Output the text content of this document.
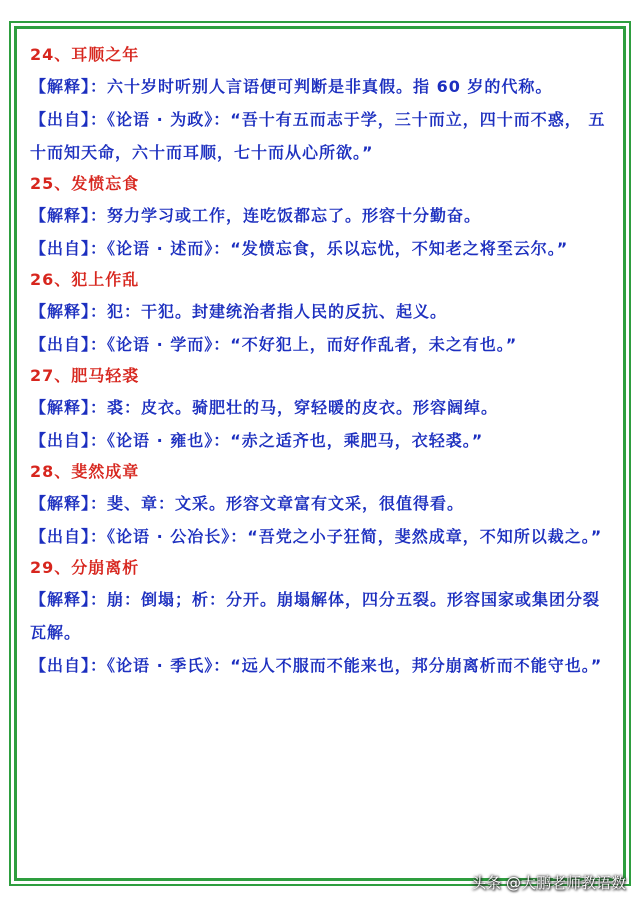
24、耳顺之年
【解释】：六十岁时听别人言语便可判断是非真假。指 60 岁的代称。
【出自】：《论语 · 为政》：“吾十有五而志于学，三十而立，四十而不惑， 五十而知天命，六十而耳顺，七十而从心所欲。”
25、发愤忘食
【解释】：努力学习或工作，连吃饭都忘了。形容十分勤奋。
【出自】：《论语 · 述而》：“发愤忘食，乐以忘忧，不知老之将至云尔。”
26、犯上作乱
【解释】：犯：干犯。封建统治者指人民的反抗、起义。
【出自】：《论语 · 学而》：“不好犯上，而好作乱者，未之有也。”
27、肥马轻裘
【解释】：裘：皮衣。骑肥壮的马，穿轻暖的皮衣。形容阔绰。
【出自】：《论语 · 雍也》：“赤之适齐也，乘肥马，衣轻裘。”
28、斐然成章
【解释】：斐、章：文采。形容文章富有文采，很值得看。
【出自】：《论语 · 公冶长》：“吾党之小子狂简，斐然成章，不知所以裁之。”
29、分崩离析
【解释】：崩：倒塌；析：分开。崩塌解体，四分五裂。形容国家或集团分裂瓦解。
【出自】：《论语 · 季氏》：“远人不服而不能来也，邦分崩离析而不能守也。”
头条 @大鹏老师教语数
